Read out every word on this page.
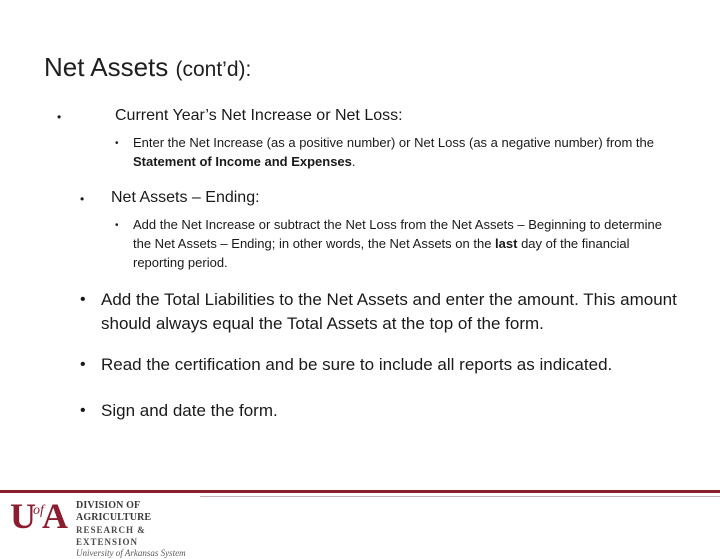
Net Assets (cont’d):
•	Current Year’s Net Increase or Net Loss:
• Enter the Net Increase (as a positive number) or Net Loss (as a negative number) from the Statement of Income and Expenses.
• Net Assets – Ending:
• Add the Net Increase or subtract the Net Loss from the Net Assets – Beginning to determine the Net Assets – Ending; in other words, the Net Assets on the last day of the financial reporting period.
• Add the Total Liabilities to the Net Assets and enter the amount. This amount should always equal the Total Assets at the top of the form.
• Read the certification and be sure to include all reports as indicated.
• Sign and date the form.
U
of
A DIVISION OF AGRICULTURE
RESEARCH & EXTENSION
University of Arkansas System
